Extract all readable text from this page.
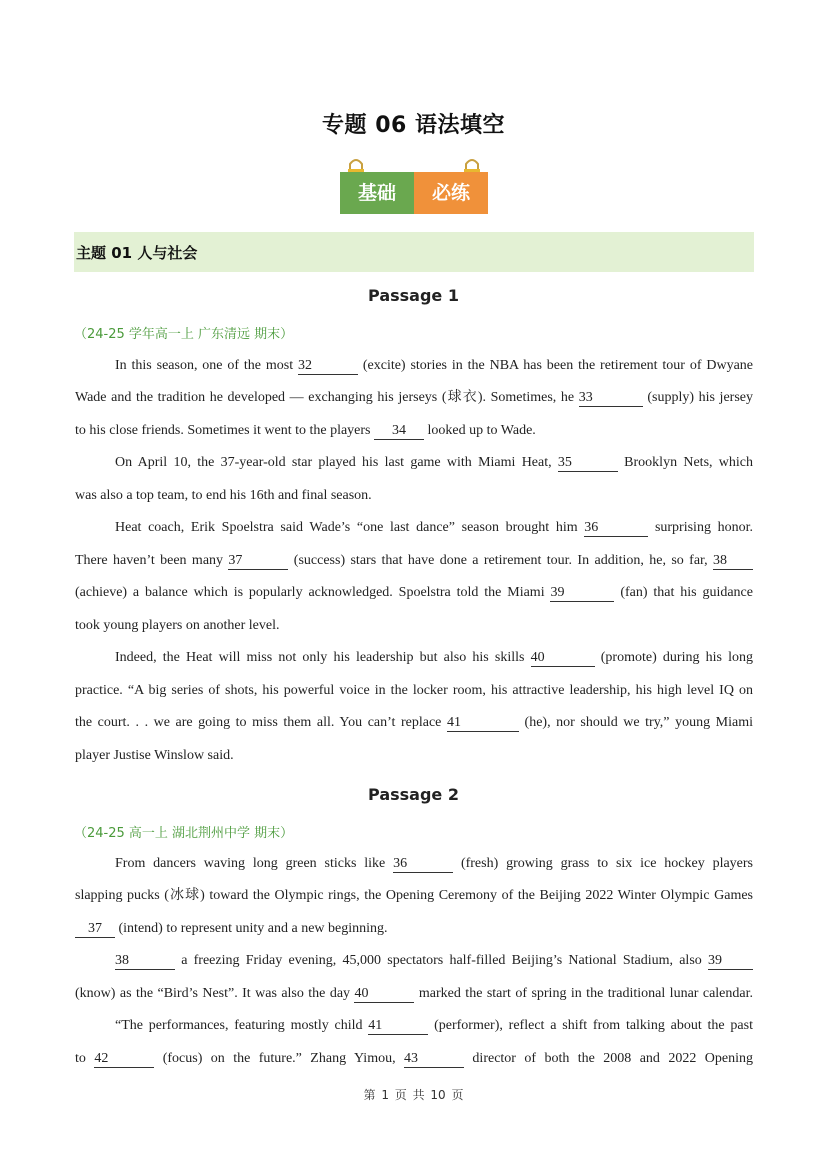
专题 06 语法填空
基础	必练
主题 01 人与社会
Passage 1
（24-25 学年高一上 广东清远 期末）
In this season, one of the most 32	(excite) stories in the NBA has been the retirement tour of Dwyane
Wade and the tradition he developed — exchanging his jerseys (球衣). Sometimes, he 33	(supply) his jersey
to his close friends. Sometimes it went to the players 34 looked up to Wade.
On April 10, the 37-year-old star played his last game with Miami Heat, 35	Brooklyn Nets, which
was also a top team, to end his 16th and final season.
Heat coach, Erik Spoelstra said Wade’s “one last dance” season brought him 36	surprising honor.
There haven’t been many 37	(success) stars that have done a retirement tour. In addition, he, so far, 38
(achieve) a balance which is popularly acknowledged. Spoelstra told the Miami 39	(fan) that his guidance
took young players on another level.
Indeed, the Heat will miss not only his leadership but also his skills 40	(promote) during his long
practice. “A big series of shots, his powerful voice in the locker room, his attractive leadership, his high level IQ on
the court. . . we are going to miss them all. You can’t replace 41	(he), nor should we try,” young Miami
player Justise Winslow said.
Passage 2
（24-25 高一上 湖北荆州中学 期末）
From dancers waving long green sticks like 36	(fresh) growing grass to six ice hockey players
slapping pucks (冰球) toward the Olympic rings, the Opening Ceremony of the Beijing 2022 Winter Olympic Games
37 (intend) to represent unity and a new beginning.
38	a freezing Friday evening, 45,000 spectators half-filled Beijing’s National Stadium, also 39
(know) as the “Bird’s Nest”. It was also the day 40	marked the start of spring in the traditional lunar calendar.
“The performances, featuring mostly child 41	(performer), reflect a shift from talking about the past
to 42	(focus) on the future.” Zhang Yimou, 43	director of both the 2008 and 2022 Opening
第 1 页 共 10 页
